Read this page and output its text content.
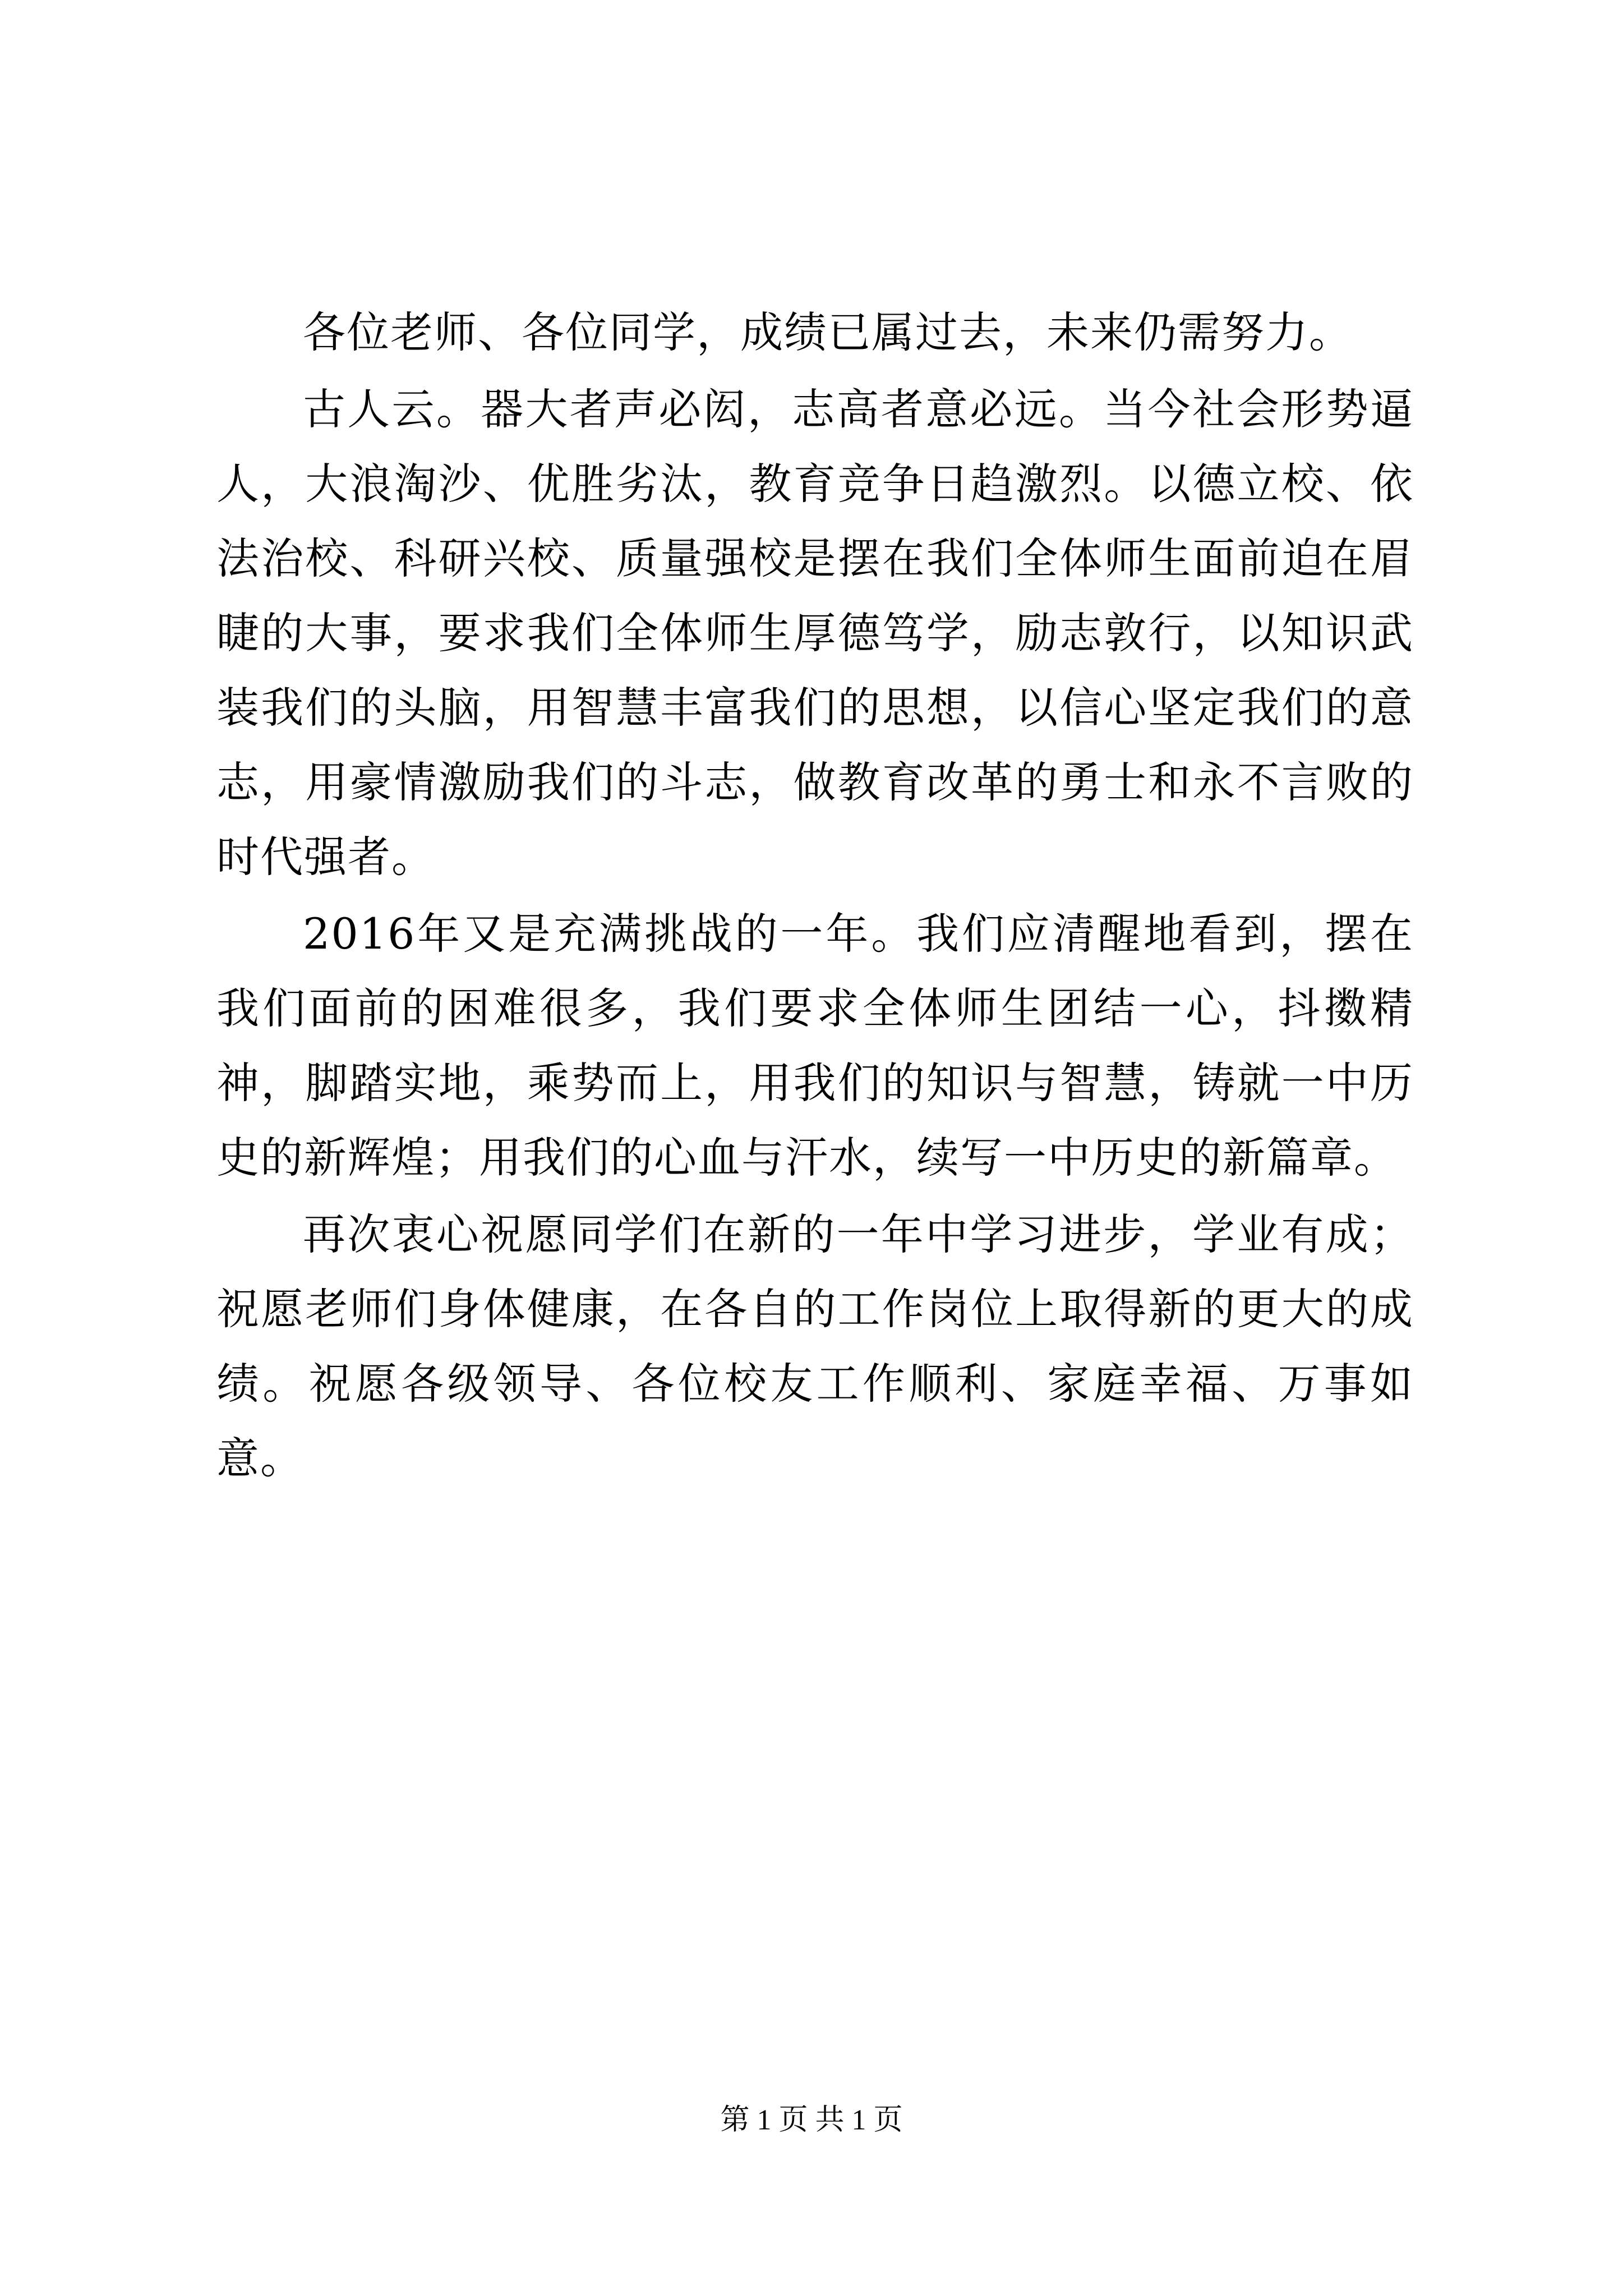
各位老师、各位同学，成绩已属过去，未来仍需努力。

古人云。器大者声必闳，志高者意必远。当今社会形势逼人，大浪淘沙、优胜劣汰，教育竞争日趋激烈。以德立校、依法治校、科研兴校、质量强校是摆在我们全体师生面前迫在眉睫的大事，要求我们全体师生厚德笃学，励志敦行，以知识武装我们的头脑，用智慧丰富我们的思想，以信心坚定我们的意志，用豪情激励我们的斗志，做教育改革的勇士和永不言败的时代强者。

2016年又是充满挑战的一年。我们应清醒地看到，摆在我们面前的困难很多，我们要求全体师生团结一心，抖擞精神，脚踏实地，乘势而上，用我们的知识与智慧，铸就一中历史的新辉煌；用我们的心血与汗水，续写一中历史的新篇章。

再次衷心祝愿同学们在新的一年中学习进步，学业有成；祝愿老师们身体健康，在各自的工作岗位上取得新的更大的成绩。祝愿各级领导、各位校友工作顺利、家庭幸福、万事如意。

第 1 页 共 1 页
